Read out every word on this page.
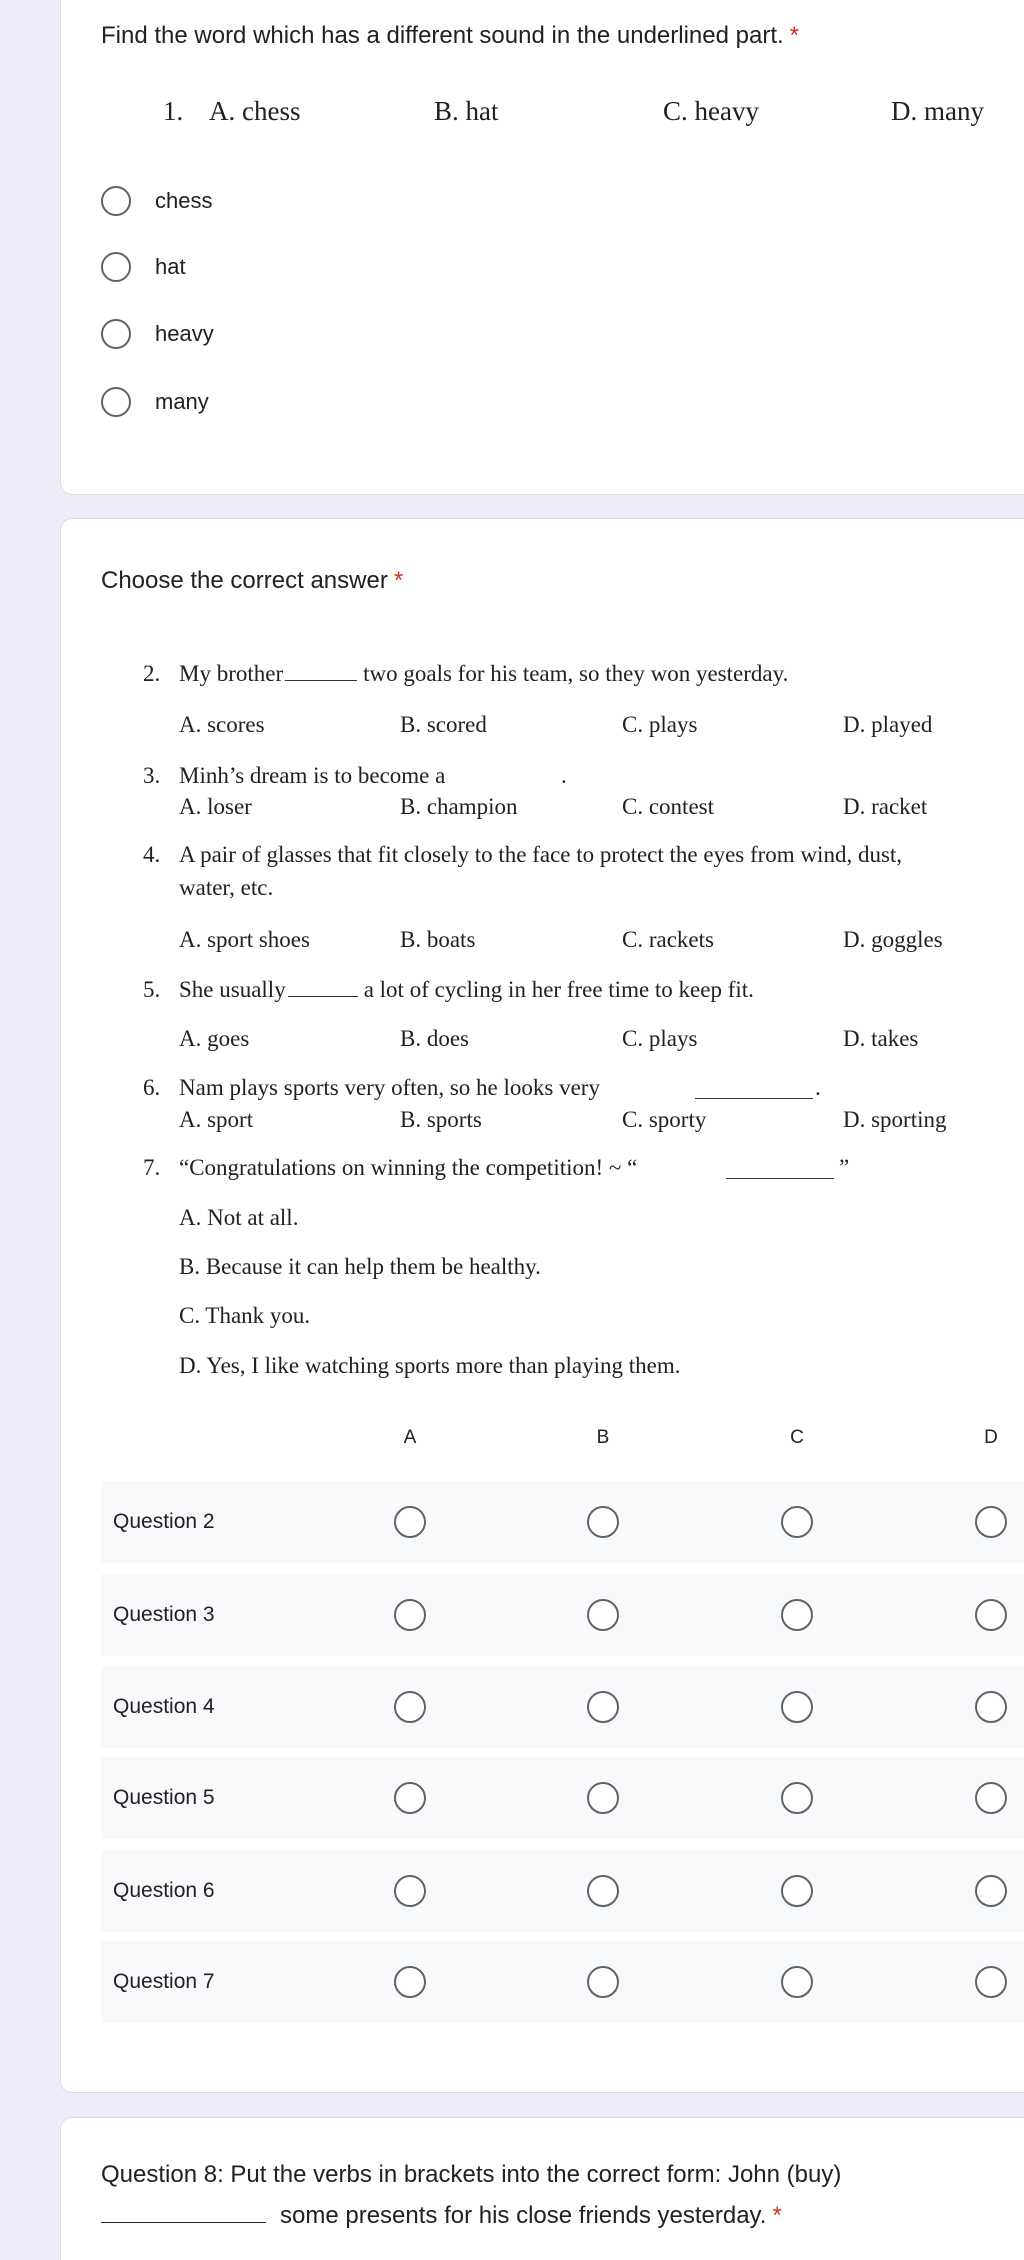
Find the word which has a different sound in the underlined part. *
1. A. chess	B. hat	C. heavy	D. many
chess
hat
heavy
many
Choose the correct answer *
2. My brother	two goals for his team, so they won yesterday.
A. scores	B. scored	C. plays	D. played
3. Minh’s dream is to become a	.
A. loser	B. champion	C. contest	D. racket
4. A pair of glasses that fit closely to the face to protect the eyes from wind, dust,
water, etc.
A. sport shoes	B. boats	C. rackets	D. goggles
5. She usually	a lot of cycling in her free time to keep fit.
A. goes	B. does	C. plays	D. takes
6. Nam plays sports very often, so he looks very	.
A. sport	B. sports	C. sporty	D. sporting
7. “Congratulations on winning the competition! ~ “	”
A. Not at all.
B. Because it can help them be healthy.
C. Thank you.
D. Yes, I like watching sports more than playing them.
A	B	C	D
Question 2
Question 3
Question 4
Question 5
Question 6
Question 7
Question 8: Put the verbs in brackets into the correct form: John (buy)
some presents for his close friends yesterday. *
